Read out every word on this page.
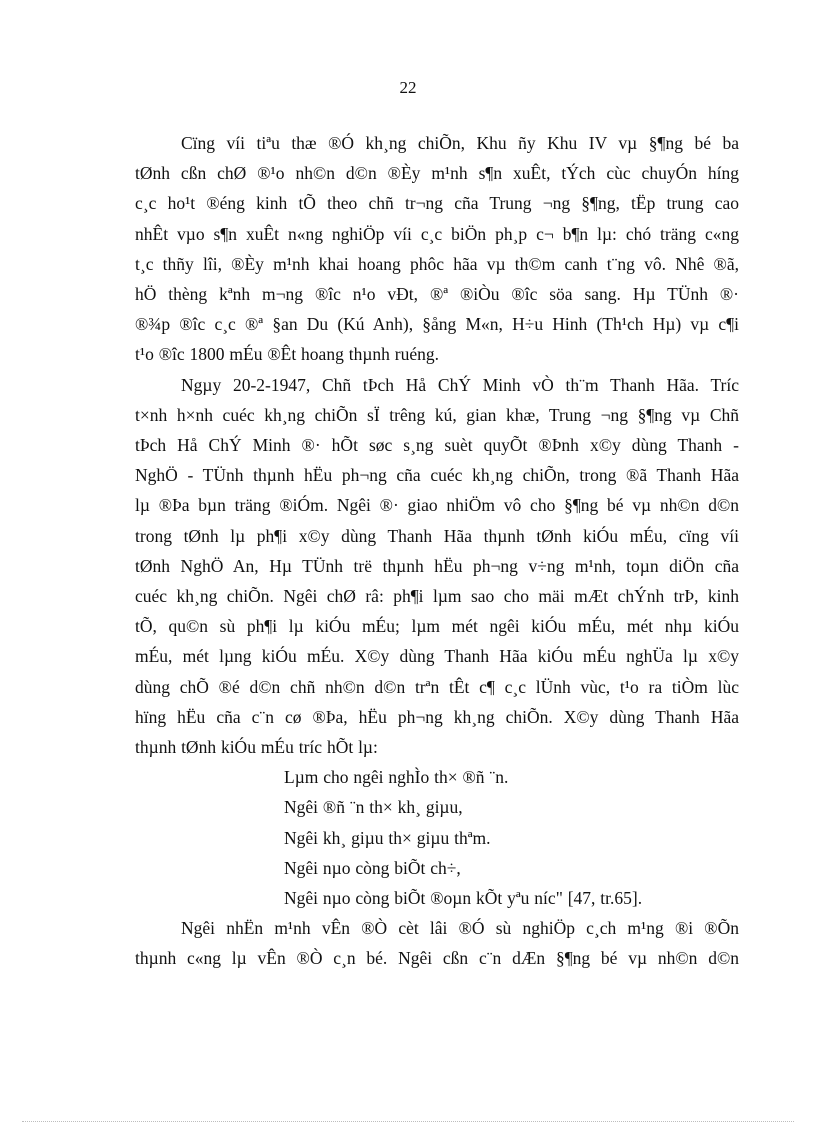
22
Cïng víi tiªu thæ ®Ó kh¸ng chiÕn, Khu ñy Khu IV vµ §¶ng bé ba
tØnh cßn chØ ®¹o nh©n d©n ®Èy m¹nh s¶n xuÊt, tÝch cùc chuyÓn híng
c¸c ho¹t ®éng kinh tÕ theo chñ tr¬ng cña Trung ¬ng §¶ng, tËp trung cao
nhÊt vµo s¶n xuÊt n«ng nghiÖp víi c¸c biÖn ph¸p c¬ b¶n lµ: chó träng c«ng
t¸c thñy lîi, ®Èy m¹nh khai hoang phôc hãa vµ th©m canh t¨ng vô. Nhê ®ã,
hÖ thèng kªnh m¬ng ®îc n¹o vÐt, ®ª ®iÒu ®îc söa sang. Hµ TÜnh ®·
®¾p ®îc c¸c ®ª §an Du (Kú Anh), §ång M«n, H÷u Hinh (Th¹ch Hµ) vµ c¶i
t¹o ®îc 1800 mÉu ®Êt hoang thµnh ruéng.
Ngµy 20-2-1947, Chñ tÞch Hå ChÝ Minh vÒ th¨m Thanh Hãa. Tríc
t×nh h×nh cuéc kh¸ng chiÕn sÏ trêng kú, gian khæ, Trung ¬ng §¶ng vµ Chñ
tÞch Hå ChÝ Minh ®· hÕt søc s¸ng suèt quyÕt ®Þnh x©y dùng Thanh -
NghÖ - TÜnh thµnh hËu ph¬ng cña cuéc kh¸ng chiÕn, trong ®ã Thanh Hãa
lµ ®Þa bµn träng ®iÓm. Ngêi ®· giao nhiÖm vô cho §¶ng bé vµ nh©n d©n
trong tØnh lµ ph¶i x©y dùng Thanh Hãa thµnh tØnh kiÓu mÉu, cïng víi
tØnh NghÖ An, Hµ TÜnh trë thµnh hËu ph¬ng v÷ng m¹nh, toµn diÖn cña
cuéc kh¸ng chiÕn. Ngêi chØ râ: ph¶i lµm sao cho mäi mÆt chÝnh trÞ, kinh
tÕ, qu©n sù ph¶i lµ kiÓu mÉu; lµm mét ngêi kiÓu mÉu, mét nhµ kiÓu
mÉu, mét lµng kiÓu mÉu. X©y dùng Thanh Hãa kiÓu mÉu nghÜa lµ x©y
dùng chÕ ®é d©n chñ nh©n d©n trªn tÊt c¶ c¸c lÜnh vùc, t¹o ra tiÒm lùc
hïng hËu cña c¨n cø ®Þa, hËu ph¬ng kh¸ng chiÕn. X©y dùng Thanh Hãa
thµnh tØnh kiÓu mÉu tríc hÕt lµ:
Lµm cho ngêi nghÌo th× ®ñ ¨n.
Ngêi ®ñ ¨n th× kh¸ giµu,
Ngêi kh¸ giµu th× giµu thªm.
Ngêi nµo còng biÕt ch÷,
Ngêi nµo còng biÕt ®oµn kÕt yªu níc" [47, tr.65].
Ngêi nhËn m¹nh vÊn ®Ò cèt lâi ®Ó sù nghiÖp c¸ch m¹ng ®i ®Õn
thµnh c«ng lµ vÊn ®Ò c¸n bé. Ngêi cßn c¨n dÆn §¶ng bé vµ nh©n d©n
